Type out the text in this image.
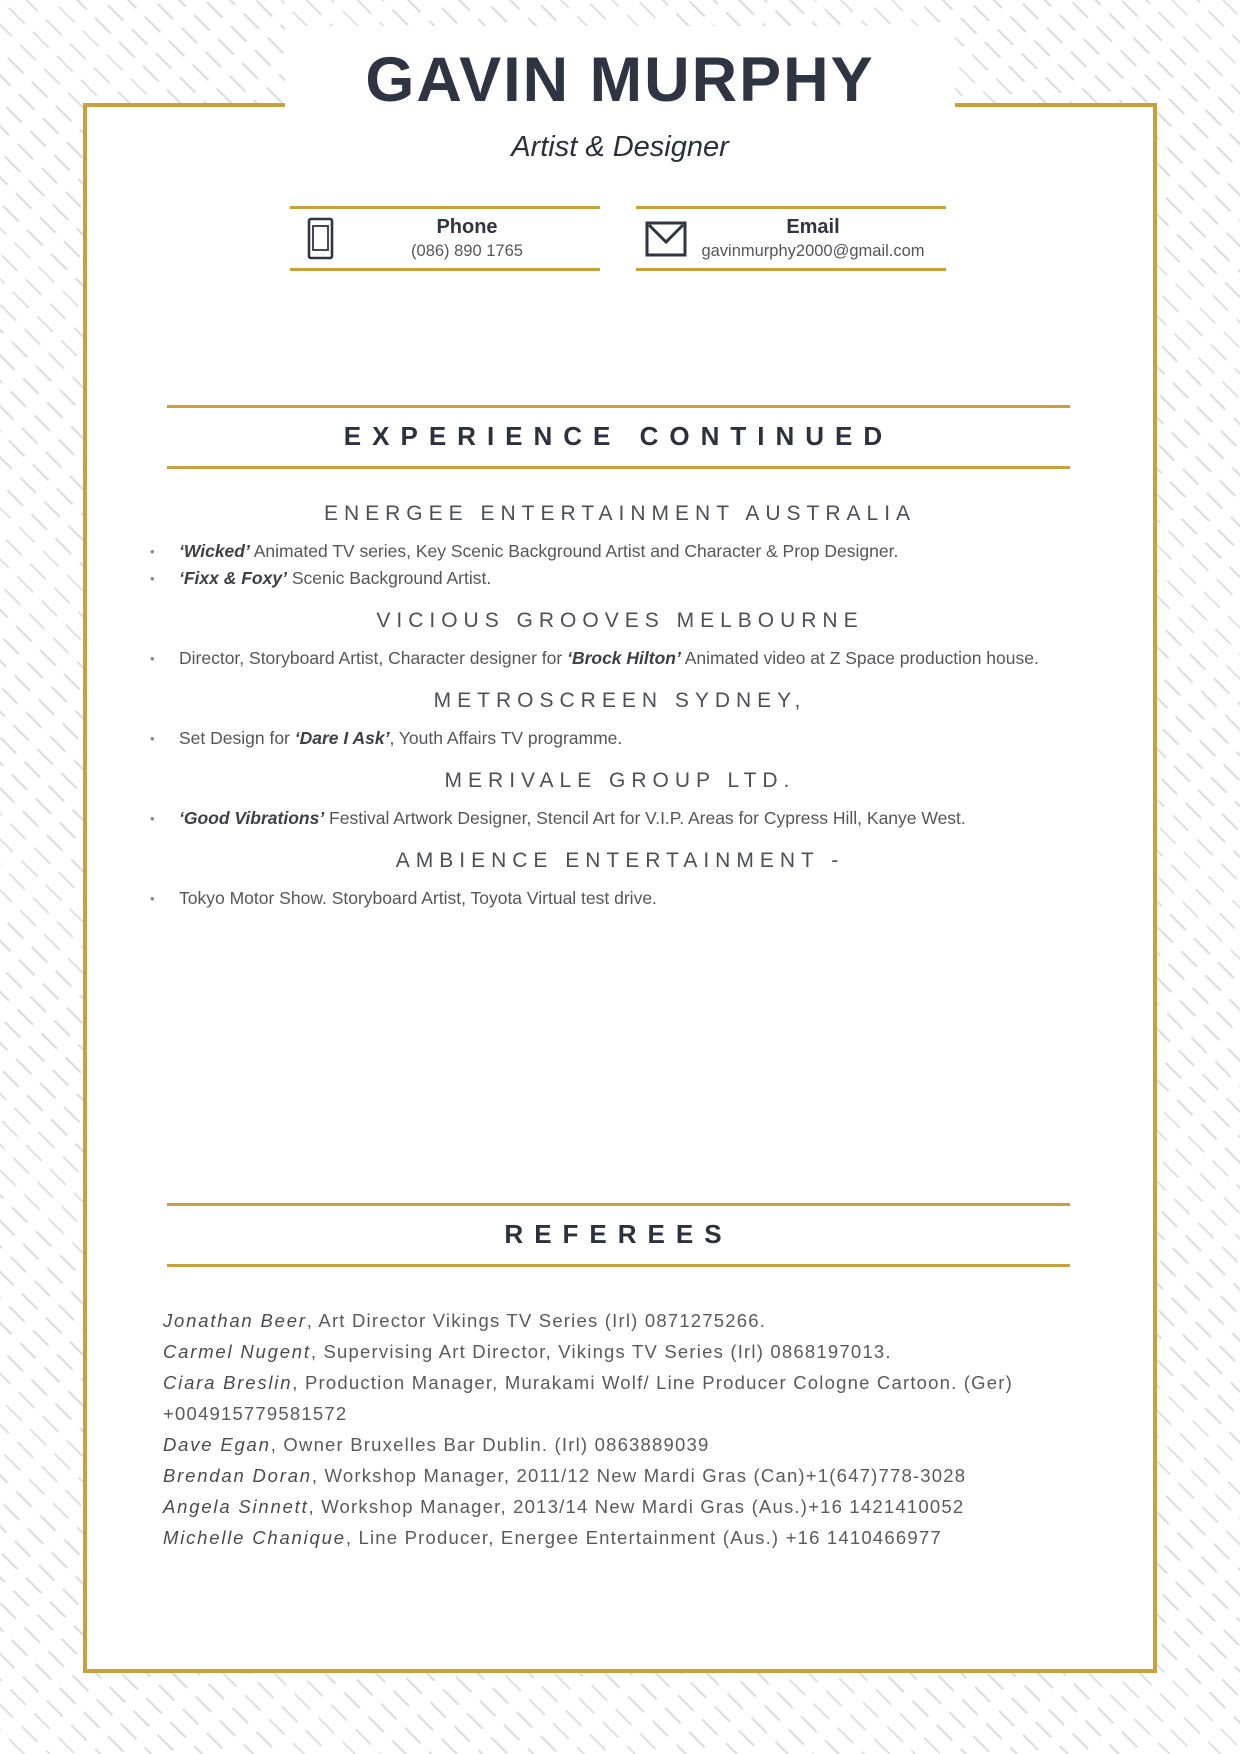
GAVIN MURPHY
Artist & Designer
Phone
(086) 890 1765
Email
gavinmurphy2000@gmail.com
EXPERIENCE CONTINUED
ENERGEE ENTERTAINMENT AUSTRALIA
• ‘Wicked’ Animated TV series, Key Scenic Background Artist and Character & Prop Designer.
• ‘Fixx & Foxy’ Scenic Background Artist.
VICIOUS GROOVES MELBOURNE
• Director, Storyboard Artist, Character designer for ‘Brock Hilton’ Animated video at Z Space production house.
METROSCREEN SYDNEY,
• Set Design for ‘Dare I Ask’, Youth Affairs TV programme.
MERIVALE GROUP LTD.
• ‘Good Vibrations’ Festival Artwork Designer, Stencil Art for V.I.P. Areas for Cypress Hill, Kanye West.
AMBIENCE ENTERTAINMENT -
• Tokyo Motor Show. Storyboard Artist, Toyota Virtual test drive.
REFEREES
Jonathan Beer, Art Director Vikings TV Series (Irl) 0871275266.
Carmel Nugent, Supervising Art Director, Vikings TV Series (Irl) 0868197013.
Ciara Breslin, Production Manager, Murakami Wolf/ Line Producer Cologne Cartoon. (Ger) +004915779581572
Dave Egan, Owner Bruxelles Bar Dublin. (Irl) 0863889039
Brendan Doran, Workshop Manager, 2011/12 New Mardi Gras (Can)+1(647)778-3028
Angela Sinnett, Workshop Manager, 2013/14 New Mardi Gras (Aus.)+16 1421410052
Michelle Chanique, Line Producer, Energee Entertainment (Aus.) +16 1410466977
